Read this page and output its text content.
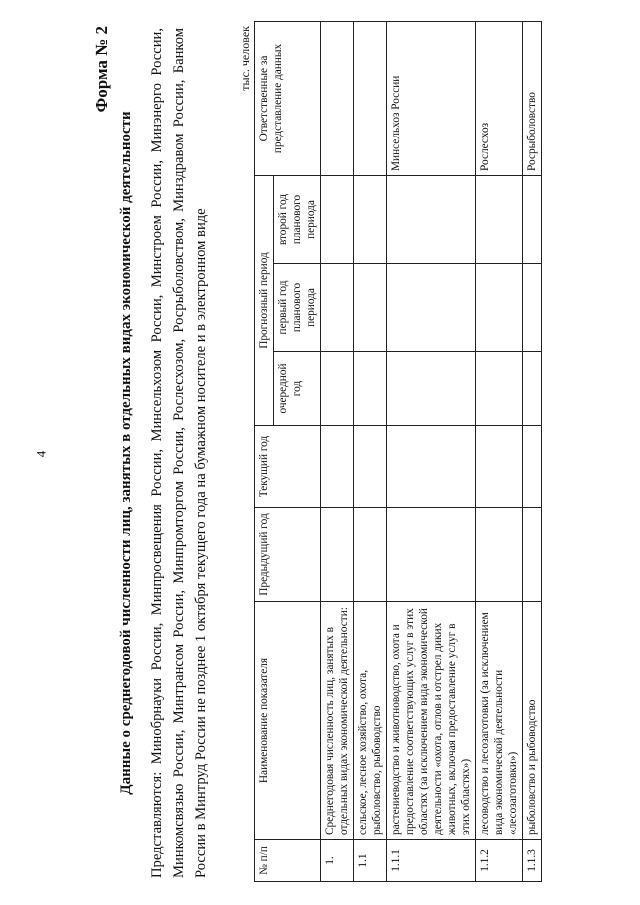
4
Форма № 2
Данные о среднегодовой численности лиц, занятых в отдельных видах экономической деятельности Представляются: Минобрнауки России, Минпросвещения России, Минсельхозом России, Минстроем России, Минэнерго России, Минкомсвязью России, Минтрансом России, Минпромторгом России, Рослесхозом, Росрыболовством, Минздравом России, Банком России в Минтруд России не позднее 1 октября текущего года на бумажном носителе и в электронном виде
тыс. человек
№ п/п	Наименование показателя	Предыдущий год	Текущий год	Прогнозный период			Ответственные за представление данных
				очередной год	первый год планового периода	второй год планового периода	
1.	Среднегодовая численность лиц, занятых в отдельных видах экономической деятельности:						
1.1	сельское, лесное хозяйство, охота, рыболовство, рыбоводство						
1.1.1	растениеводство и животноводство, охота и предоставление соответствующих услуг в этих областях (за исключением вида экономической деятельности «охота, отлов и отстрел диких животных, включая предоставление услуг в этих областях»)						Минсельхоз России
1.1.2	лесоводство и лесозаготовки (за исключением вида экономической деятельности «лесозаготовки»)						Рослесхоз
1.1.3	рыболовство и рыбоводство						Росрыболовство
